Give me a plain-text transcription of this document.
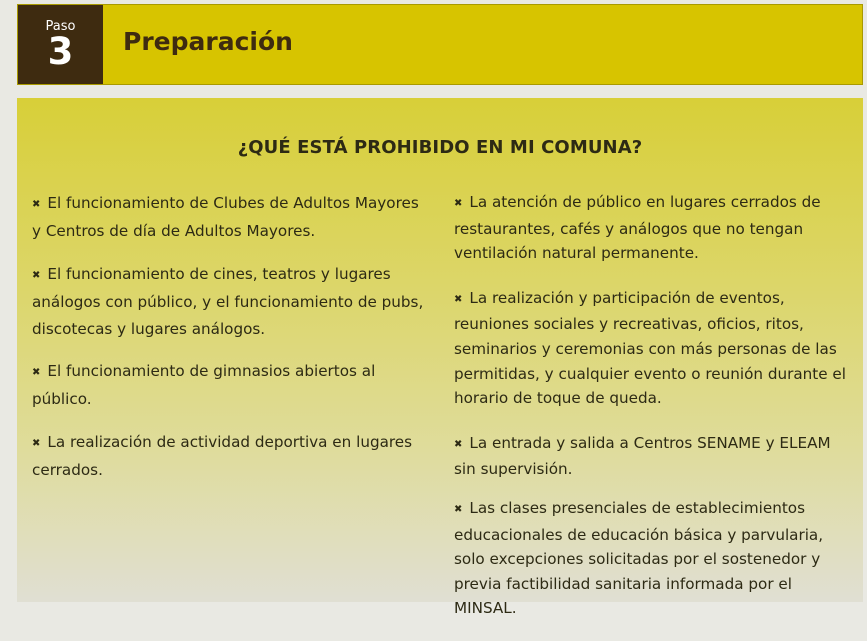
Paso
3	Preparación
¿QUÉ ESTÁ PROHIBIDO EN MI COMUNA?
✖ El funcionamiento de Clubes de Adultos Mayores y Centros de día de Adultos Mayores.
✖ El funcionamiento de cines, teatros y lugares análogos con público, y el funcionamiento de pubs, discotecas y lugares análogos.
✖ El funcionamiento de gimnasios abiertos al público.
✖ La realización de actividad deportiva en lugares cerrados.
✖ La atención de público en lugares cerrados de restaurantes, cafés y análogos que no tengan ventilación natural permanente.
✖ La realización y participación de eventos, reuniones sociales y recreativas, oficios, ritos, seminarios y ceremonias con más personas de las permitidas, y cualquier evento o reunión durante el horario de toque de queda.
✖ La entrada y salida a Centros SENAME y ELEAM sin supervisión.
✖ Las clases presenciales de establecimientos educacionales de educación básica y parvularia, solo excepciones solicitadas por el sostenedor y previa factibilidad sanitaria informada por el MINSAL.
